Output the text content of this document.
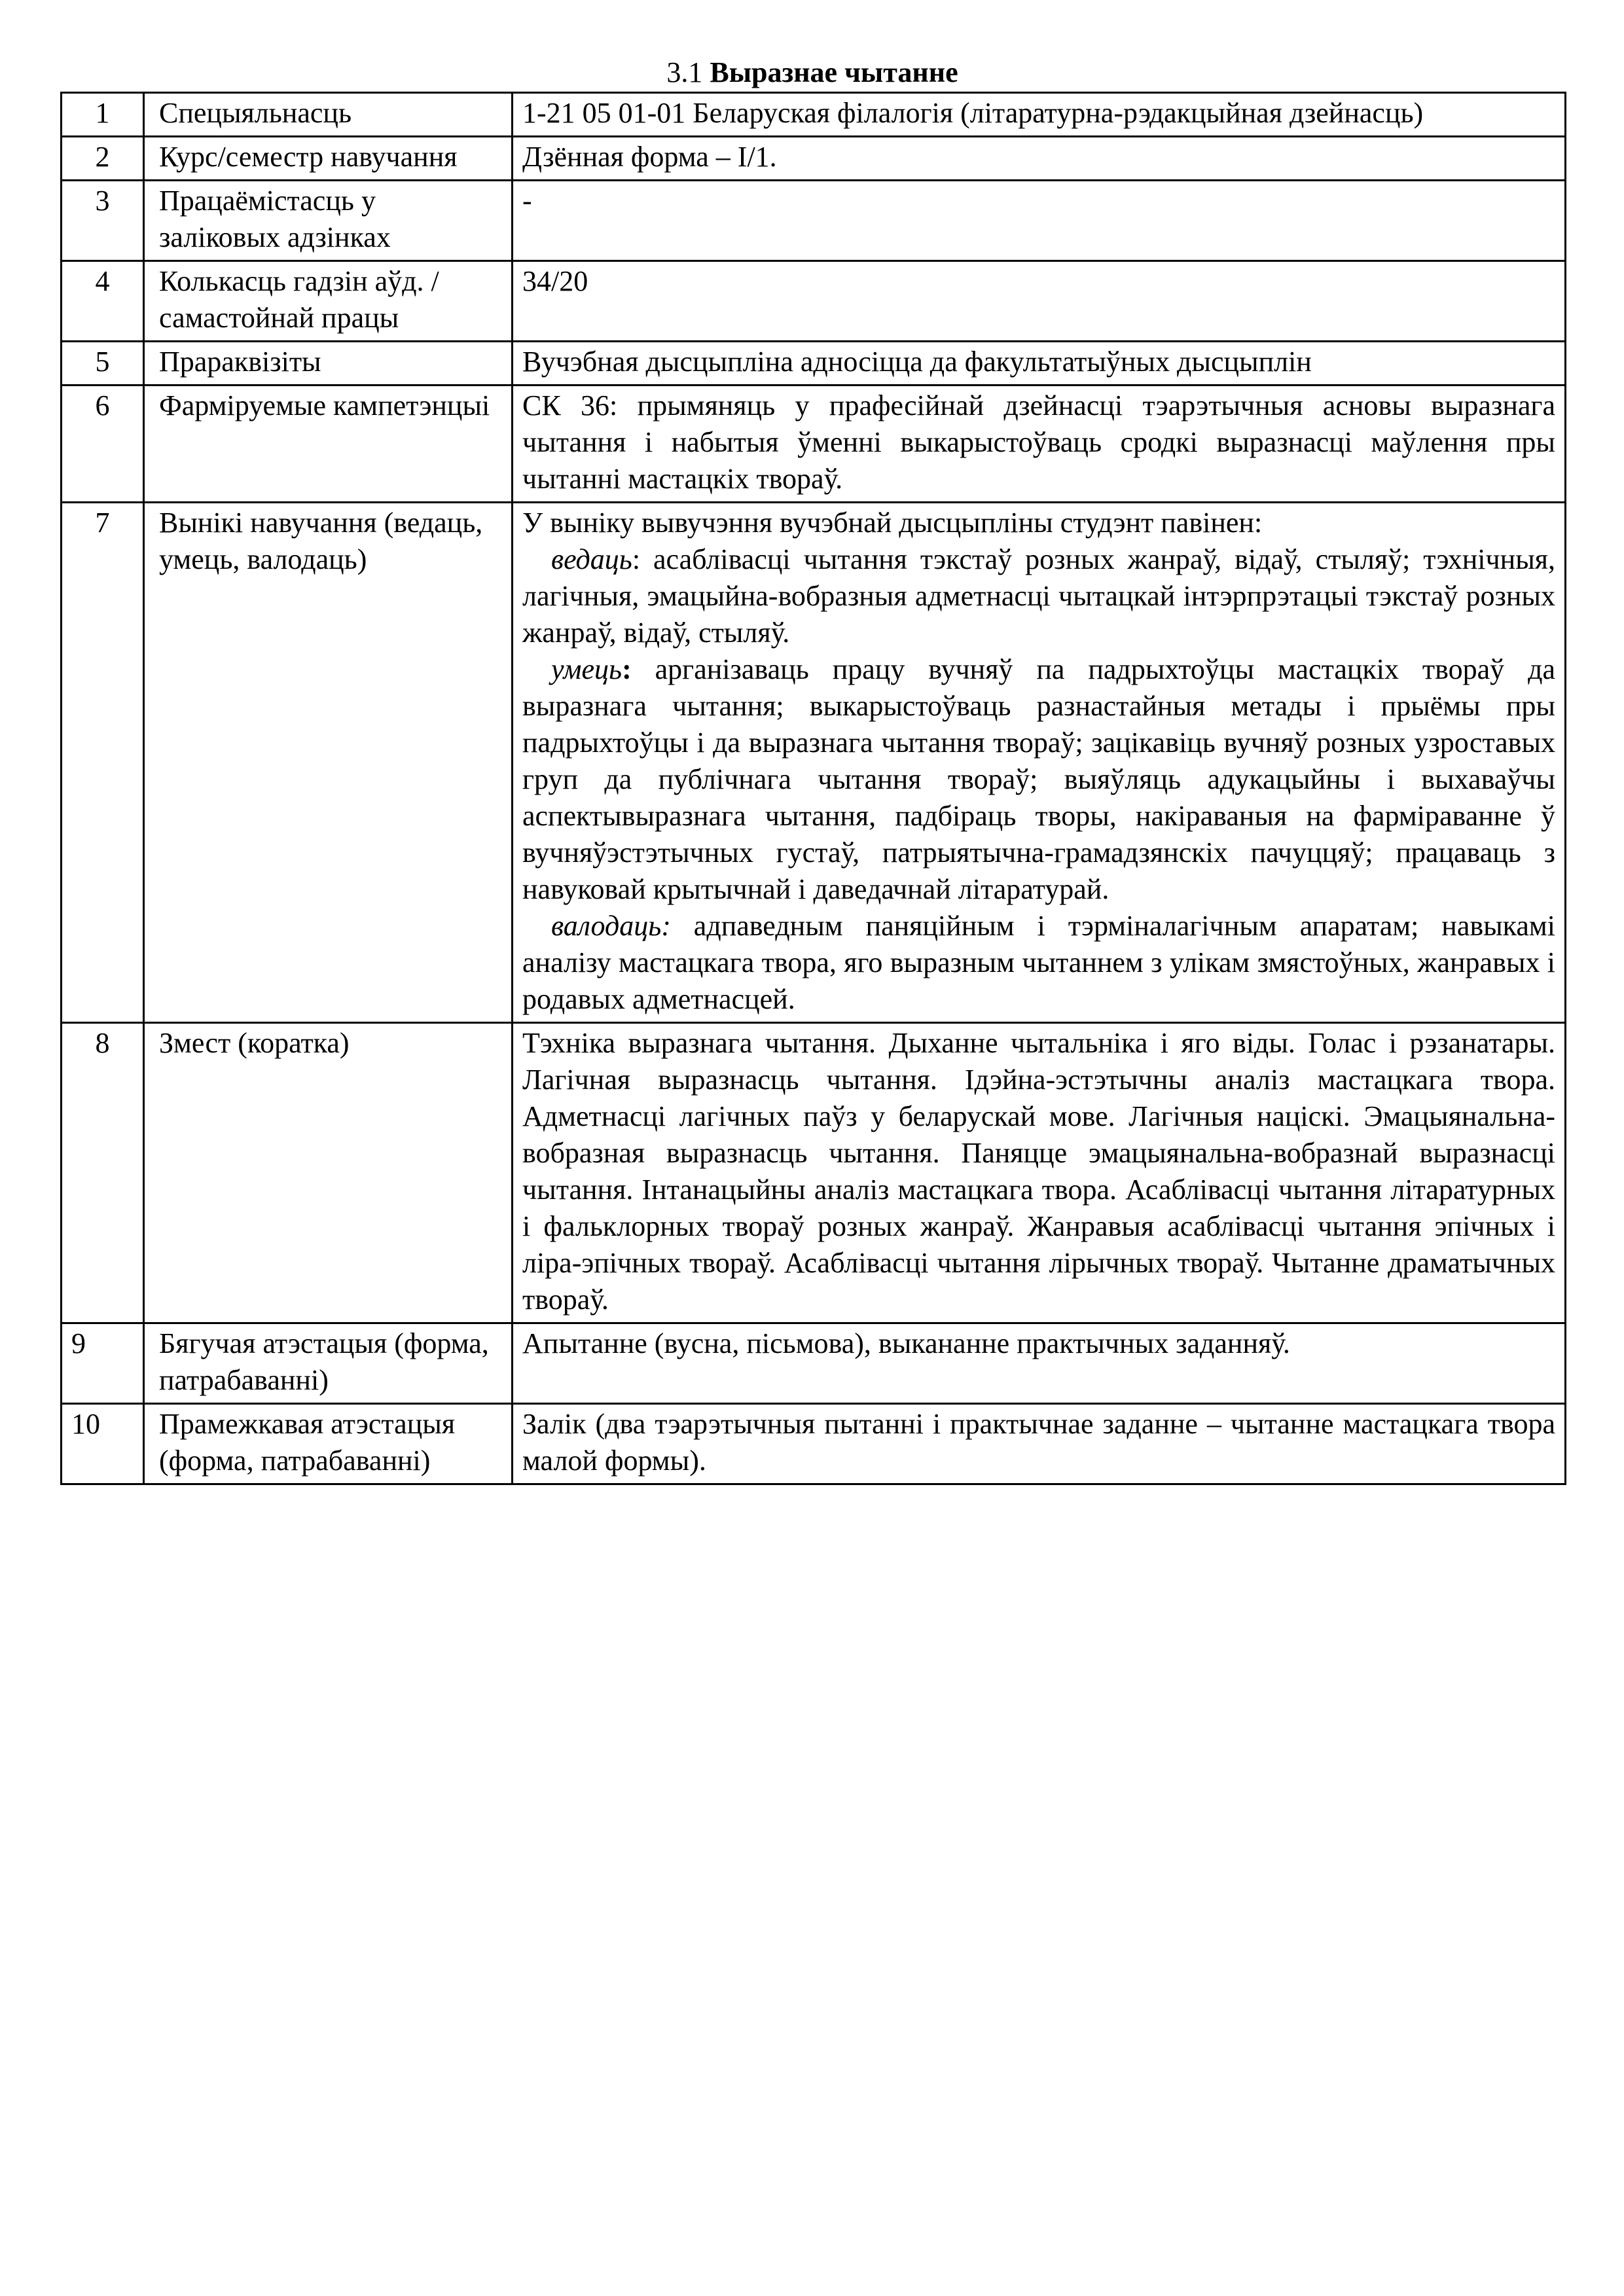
3.1 Выразнае чытанне
1	Спецыяльнасць	1-21 05 01-01 Беларуская філалогія (літаратурна-рэдакцыйная дзейнасць)
2	Курс/семестр навучання	Дзённая форма – I/1.
3	Працаёмістасць у заліковых адзінках	-
4	Колькасць гадзін аўд. / самастойнай працы	34/20
5	Прараквізіты	Вучэбная дысцыпліна адносіцца да факультатыўных дысцыплін
6	Фарміруемые кампетэнцыі	СК 36: прымяняць у прафесійнай дзейнасці тэарэтычныя асновы выразнага чытання і набытыя ўменні выкарыстоўваць сродкі выразнасці маўлення пры чытанні мастацкіх твораў.
7	Вынікі навучання (ведаць, умець, валодаць)	У выніку вывучэння вучэбнай дысцыпліны студэнт павінен:

ведаць: асаблівасці чытання тэкстаў розных жанраў, відаў, стыляў; тэхнічныя, лагічныя, эмацыйна-вобразныя адметнасці чытацкай інтэрпрэтацыі тэкстаў розных жанраў, відаў, стыляў.

умець: арганізаваць працу вучняў па падрыхтоўцы мастацкіх твораў да выразнага чытання; выкарыстоўваць разнастайныя метады і прыёмы пры падрыхтоўцы і да выразнага чытання твораў; зацікавіць вучняў розных узроставых груп да публічнага чытання твораў; выяўляць адукацыйны і выхаваўчы аспектывыразнага чытання, падбіраць творы, накіраваныя на фарміраванне ў вучняўэстэтычных густаў, патрыятычна-грамадзянскіх пачуццяў; працаваць з навуковай крытычнай і даведачнай літаратурай.

валодаць: адпаведным паняційным і тэрміналагічным апаратам; навыкамі аналізу мастацкага твора, яго выразным чытаннем з улікам змястоўных, жанравых і родавых адметнасцей.

8	Змест (коратка)	Тэхніка выразнага чытання. Дыханне чытальніка і яго віды. Голас і рэзанатары. Лагічная выразнасць чытання. Ідэйна-эстэтычны аналіз мастацкага твора. Адметнасці лагічных паўз у беларускай мове. Лагічныя націскі. Эмацыянальна-вобразная выразнасць чытання. Паняцце эмацыянальна-вобразнай выразнасці чытання. Інтанацыйны аналіз мастацкага твора. Асаблівасці чытання літаратурных і фальклорных твораў розных жанраў. Жанравыя асаблівасці чытання эпічных і ліра-эпічных твораў. Асаблівасці чытання лірычных твораў. Чытанне драматычных твораў.
9	Бягучая атэстацыя (форма, патрабаванні)	Апытанне (вусна, пісьмова), выкананне практычных заданняў.
10	Прамежкавая атэстацыя (форма, патрабаванні)	Залік (два тэарэтычныя пытанні і практычнае заданне – чытанне мастацкага твора малой формы).
